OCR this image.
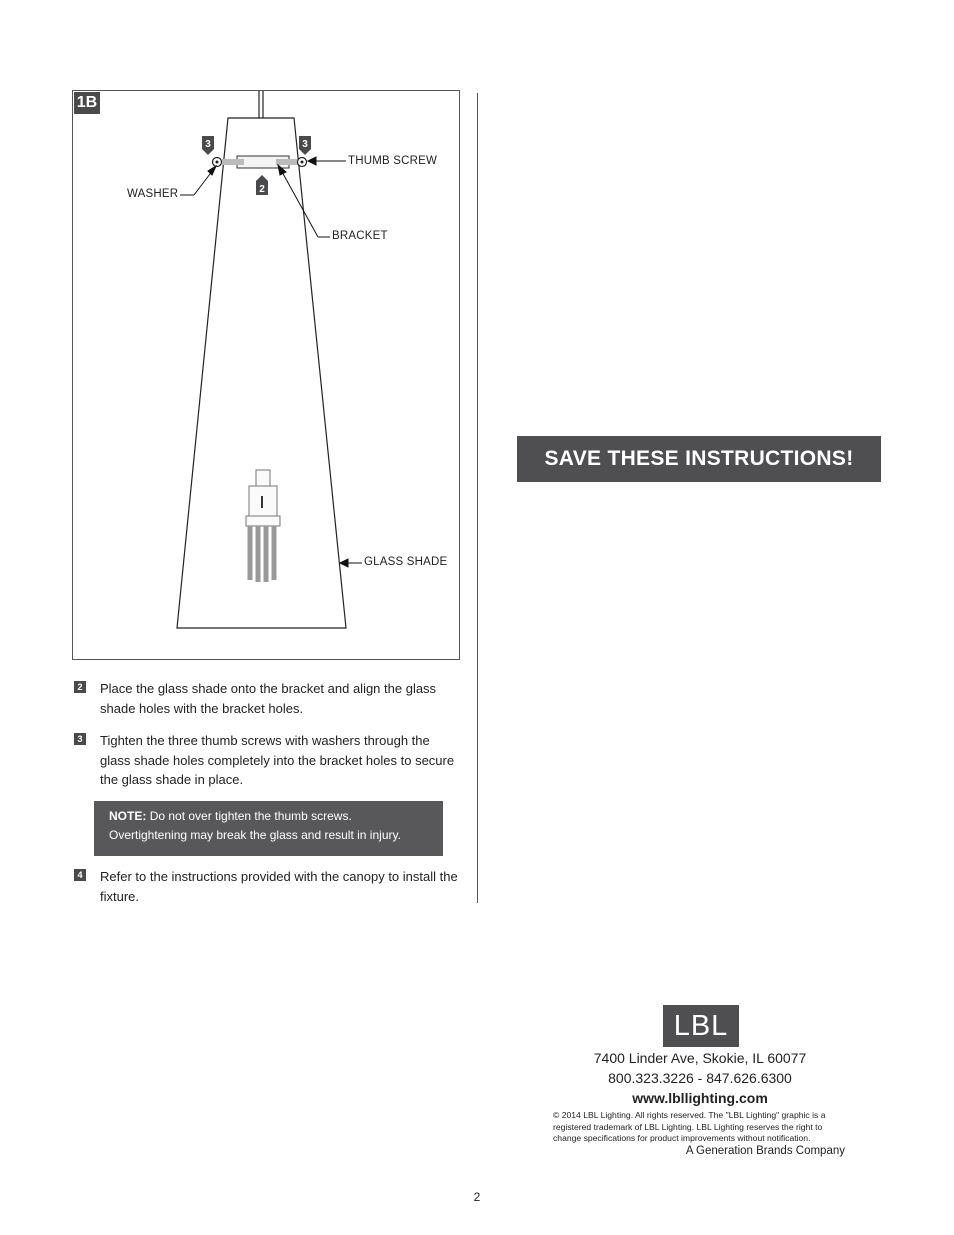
1B
3	3
2
THUMB SCREW
WASHER
BRACKET
GLASS SHADE
2 Place the glass shade onto the bracket and align the glass shade holes with the bracket holes.
3 Tighten the three thumb screws with washers through the glass shade holes completely into the bracket holes to secure the glass shade in place.
NOTE: Do not over tighten the thumb screws.
Overtightening may break the glass and result in injury.
4 Refer to the instructions provided with the canopy to install the fixture.
SAVE THESE INSTRUCTIONS!
LBL
7400 Linder Ave, Skokie, IL 60077
800.323.3226 - 847.626.6300
www.lbllighting.com
© 2014 LBL Lighting. All rights reserved. The "LBL Lighting" graphic is a registered trademark of LBL Lighting. LBL Lighting reserves the right to change specifications for product improvements without notification.
A Generation Brands Company
2
